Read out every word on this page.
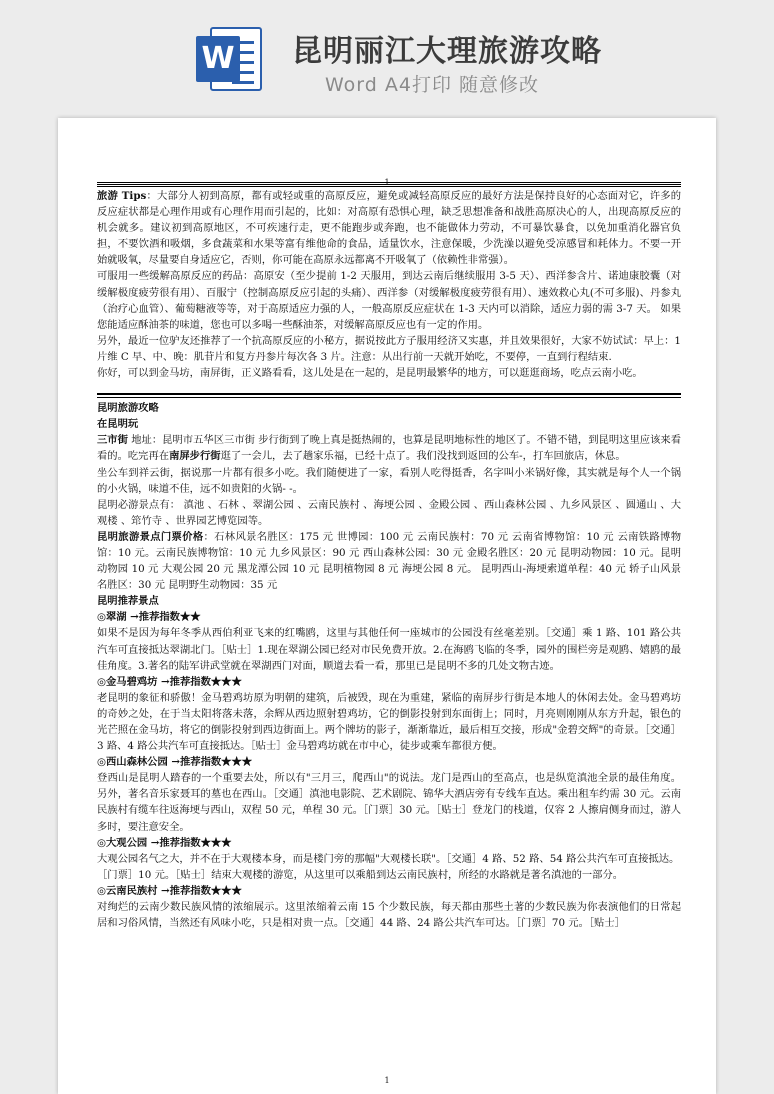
W 昆明丽江大理旅游攻略
Word A4打印 随意修改
1

旅游 Tips：大部分人初到高原，都有或轻或重的高原反应，避免或减轻高原反应的最好方法是保持良好的心态面对它，许多的反应症状都是心理作用或有心理作用而引起的，比如：对高原有恐惧心理，缺乏思想准备和战胜高原决心的人，出现高原反应的机会就多。建议初到高原地区，不可疾速行走，更不能跑步或奔跑，也不能做体力劳动，不可暴饮暴食，以免加重消化器官负担，不要饮酒和吸烟，多食蔬菜和水果等富有维他命的食品，适量饮水，注意保暖，少洗澡以避免受凉感冒和耗体力。不要一开始就吸氧，尽量要自身适应它，否则，你可能在高原永远都离不开吸氧了（依赖性非常强）。

可服用一些缓解高原反应的药品：高原安（至少提前 1-2 天服用，到达云南后继续服用 3-5 天）、西洋参含片、诺迪康胶囊（对缓解极度疲劳很有用）、百服宁（控制高原反应引起的头痛）、西洋参（对缓解极度疲劳很有用）、速效救心丸(不可多服)、丹参丸（治疗心血管）、葡萄糖液等等，对于高原适应力强的人，一般高原反应症状在 1-3 天内可以消除，适应力弱的需 3-7 天。 如果您能适应酥油茶的味道，您也可以多喝一些酥油茶，对缓解高原反应也有一定的作用。

另外，最近一位驴友还推荐了一个抗高原反应的小秘方，据说按此方子服用经济又实惠，并且效果很好，大家不妨试试：早上：1 片维 C 早、中、晚：肌苷片和复方丹参片每次各 3 片。注意：从出行前一天就开始吃，不要停，一直到行程结束.

你好，可以到金马坊，南屏街，正义路看看，这儿处是在一起的，是昆明最繁华的地方，可以逛逛商场，吃点云南小吃。

昆明旅游攻略

在昆明玩

三市街 地址：昆明市五华区三市街 步行街到了晚上真是挺热闹的，也算是昆明地标性的地区了。不错不错，到昆明这里应该来看看的。吃完再在南屏步行街逛了一会儿，去了趟家乐福，已经十点了。我们没找到返回的公车-，打车回旅店，休息。

坐公车到祥云街，据说那一片都有很多小吃。我们随便进了一家，看别人吃得挺香，名字叫小米锅好像，其实就是每个人一个锅的小火锅，味道不佳，远不如贵阳的火锅- -。

昆明必游景点有： 滇池 、石林 、翠湖公园 、云南民族村 、海埂公园 、金殿公园 、西山森林公园 、九乡风景区 、圆通山 、大观楼 、筇竹寺 、世界园艺博览园等。

昆明旅游景点门票价格：石林风景名胜区：175 元 世博园：100 元 云南民族村：70 元 云南省博物馆：10 元 云南铁路博物馆：10 元。云南民族博物馆：10 元 九乡风景区：90 元 西山森林公园：30 元 金殿名胜区：20 元 昆明动物园：10 元。昆明动物园 10 元 大观公园 20 元 黑龙潭公园 10 元 昆明植物园 8 元 海埂公园 8 元。 昆明西山-海埂索道单程：40 元 轿子山风景名胜区：30 元 昆明野生动物园：35 元

昆明推荐景点

◎翠湖 →推荐指数★★

如果不是因为每年冬季从西伯利亚飞来的红嘴鸥，这里与其他任何一座城市的公园没有丝毫差别。［交通］乘 1 路、101 路公共汽车可直接抵达翠湖北门。［贴士］1.现在翠湖公园已经对市民免费开放。2.在海鸥飞临的冬季，园外的围栏旁是观鸥、嬉鸥的最佳角度。3.著名的陆军讲武堂就在翠湖西门对面，顺道去看一看，那里已是昆明不多的几处文物古迹。

◎金马碧鸡坊 →推荐指数★★★

老昆明的象征和骄傲！金马碧鸡坊原为明朝的建筑，后被毁，现在为重建，紧临的南屏步行街是本地人的休闲去处。金马碧鸡坊的奇妙之处，在于当太阳将落未落，余辉从西边照射碧鸡坊，它的倒影投射到东面街上；同时，月亮则刚刚从东方升起，银色的光芒照在金马坊，将它的倒影投射到西边街面上。两个牌坊的影子，渐渐靠近，最后相互交接，形成"金碧交辉"的奇景。［交通］3 路、4 路公共汽车可直接抵达。［贴士］金马碧鸡坊就在市中心，徒步或乘车都很方便。

◎西山森林公园 →推荐指数★★★

登西山是昆明人踏春的一个重要去处，所以有"三月三，爬西山"的说法。龙门是西山的至高点，也是纵览滇池全景的最佳角度。另外，著名音乐家聂耳的墓也在西山。［交通］滇池电影院、艺术剧院、锦华大酒店旁有专线车直达。乘出租车约需 30 元。云南民族村有缆车往返海埂与西山，双程 50 元，单程 30 元。［门票］30 元。［贴士］登龙门的栈道，仅容 2 人擦肩侧身而过，游人多时，要注意安全。

◎大观公园 →推荐指数★★★

大观公园名气之大，并不在于大观楼本身，而是楼门旁的那幅"大观楼长联"。［交通］4 路、52 路、54 路公共汽车可直接抵达。

［门票］10 元。［贴士］结束大观楼的游览，从这里可以乘船到达云南民族村，所经的水路就是著名滇池的一部分。

◎云南民族村 →推荐指数★★★

对绚烂的云南少数民族风情的浓缩展示。这里浓缩着云南 15 个少数民族，每天都由那些土著的少数民族为你表演他们的日常起居和习俗风情，当然还有风味小吃，只是相对贵一点。［交通］44 路、24 路公共汽车可达。［门票］70 元。［贴士］

1
